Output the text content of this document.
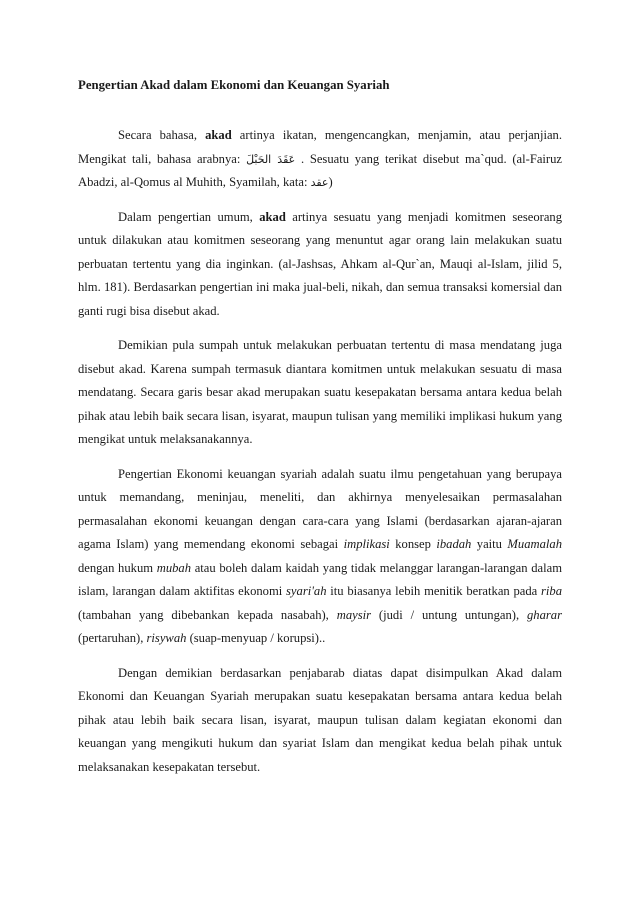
Pengertian Akad dalam Ekonomi dan Keuangan Syariah

Secara bahasa, akad artinya ikatan, mengencangkan, menjamin, atau perjanjian. Mengikat tali, bahasa arabnya: عَقَدَ الحَبْلَ . Sesuatu yang terikat disebut ma`qud. (al-Fairuz Abadzi, al-Qomus al Muhith, Syamilah, kata: عقد)

Dalam pengertian umum, akad artinya sesuatu yang menjadi komitmen seseorang untuk dilakukan atau komitmen seseorang yang menuntut agar orang lain melakukan suatu perbuatan tertentu yang dia inginkan. (al-Jashsas, Ahkam al-Qur`an, Mauqi al-Islam, jilid 5, hlm. 181). Berdasarkan pengertian ini maka jual-beli, nikah, dan semua transaksi komersial dan ganti rugi bisa disebut akad.

Demikian pula sumpah untuk melakukan perbuatan tertentu di masa mendatang juga disebut akad. Karena sumpah termasuk diantara komitmen untuk melakukan sesuatu di masa mendatang. Secara garis besar akad merupakan suatu kesepakatan bersama antara kedua belah pihak atau lebih baik secara lisan, isyarat, maupun tulisan yang memiliki implikasi hukum yang mengikat untuk melaksanakannya.

Pengertian Ekonomi keuangan syariah adalah suatu ilmu pengetahuan yang berupaya untuk memandang, meninjau, meneliti, dan akhirnya menyelesaikan permasalahan permasalahan ekonomi keuangan dengan cara-cara yang Islami (berdasarkan ajaran-ajaran agama Islam) yang memendang ekonomi sebagai implikasi konsep ibadah yaitu Muamalah dengan hukum mubah atau boleh dalam kaidah yang tidak melanggar larangan-larangan dalam islam, larangan dalam aktifitas ekonomi syari'ah itu biasanya lebih menitik beratkan pada riba (tambahan yang dibebankan kepada nasabah), maysir (judi / untung untungan), gharar (pertaruhan), risywah (suap-menyuap / korupsi)..

Dengan demikian berdasarkan penjabarab diatas dapat disimpulkan Akad dalam Ekonomi dan Keuangan Syariah merupakan suatu kesepakatan bersama antara kedua belah pihak atau lebih baik secara lisan, isyarat, maupun tulisan dalam kegiatan ekonomi dan keuangan yang mengikuti hukum dan syariat Islam dan mengikat kedua belah pihak untuk melaksanakan kesepakatan tersebut.
